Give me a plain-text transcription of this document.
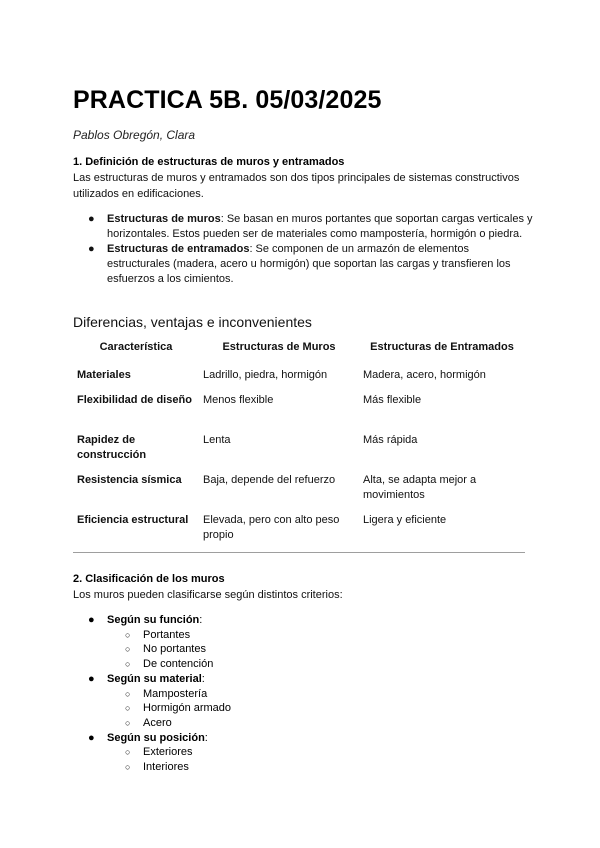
PRACTICA 5B. 05/03/2025
Pablos Obregón, Clara
1. Definición de estructuras de muros y entramados

Las estructuras de muros y entramados son dos tipos principales de sistemas constructivos utilizados en edificaciones.

● Estructuras de muros: Se basan en muros portantes que soportan cargas verticales y horizontales. Estos pueden ser de materiales como mampostería, hormigón o piedra.
● Estructuras de entramados: Se componen de un armazón de elementos estructurales (madera, acero u hormigón) que soportan las cargas y transfieren los esfuerzos a los cimientos.
Diferencias, ventajas e inconvenientes
Característica	Estructuras de Muros	Estructuras de Entramados
Materiales	Ladrillo, piedra, hormigón	Madera, acero, hormigón
Flexibilidad de diseño	Menos flexible	Más flexible
Rapidez de construcción	Lenta	Más rápida
Resistencia sísmica	Baja, depende del refuerzo	Alta, se adapta mejor a movimientos
Eficiencia estructural	Elevada, pero con alto peso propio	Ligera y eficiente
2. Clasificación de los muros

Los muros pueden clasificarse según distintos criterios:

● Según su función:
○ Portantes
○ No portantes
○ De contención
● Según su material:
○ Mampostería
○ Hormigón armado
○ Acero
● Según su posición:
○ Exteriores
○ Interiores
